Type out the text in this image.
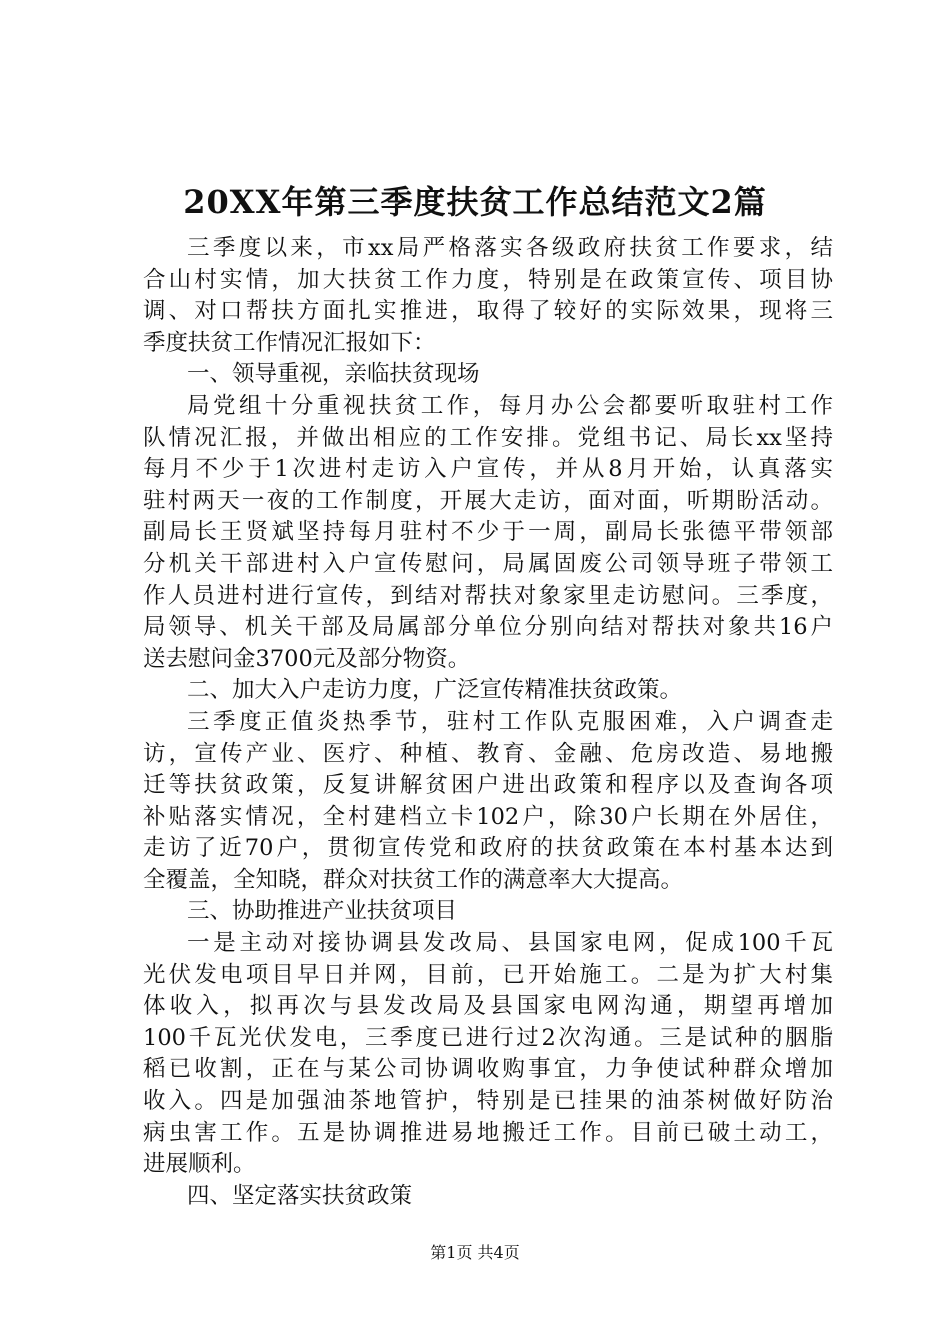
20XX年第三季度扶贫工作总结范文2篇
三季度以来，市xx局严格落实各级政府扶贫工作要求，结
合山村实情，加大扶贫工作力度，特别是在政策宣传、项目协
调、对口帮扶方面扎实推进，取得了较好的实际效果，现将三
季度扶贫工作情况汇报如下：
一、领导重视，亲临扶贫现场
局党组十分重视扶贫工作，每月办公会都要听取驻村工作
队情况汇报，并做出相应的工作安排。党组书记、局长xx坚持
每月不少于1次进村走访入户宣传，并从8月开始，认真落实
驻村两天一夜的工作制度，开展大走访，面对面，听期盼活动。
副局长王贤斌坚持每月驻村不少于一周，副局长张德平带领部
分机关干部进村入户宣传慰问，局属固废公司领导班子带领工
作人员进村进行宣传，到结对帮扶对象家里走访慰问。三季度，
局领导、机关干部及局属部分单位分别向结对帮扶对象共16户
送去慰问金3700元及部分物资。
二、加大入户走访力度，广泛宣传精准扶贫政策。
三季度正值炎热季节，驻村工作队克服困难，入户调查走
访，宣传产业、医疗、种植、教育、金融、危房改造、易地搬
迁等扶贫政策，反复讲解贫困户进出政策和程序以及查询各项
补贴落实情况，全村建档立卡102户，除30户长期在外居住，
走访了近70户，贯彻宣传党和政府的扶贫政策在本村基本达到
全覆盖，全知晓，群众对扶贫工作的满意率大大提高。
三、协助推进产业扶贫项目
一是主动对接协调县发改局、县国家电网，促成100千瓦
光伏发电项目早日并网，目前，已开始施工。二是为扩大村集
体收入，拟再次与县发改局及县国家电网沟通，期望再增加
100千瓦光伏发电，三季度已进行过2次沟通。三是试种的胭脂
稻已收割，正在与某公司协调收购事宜，力争使试种群众增加
收入。四是加强油茶地管护，特别是已挂果的油茶树做好防治
病虫害工作。五是协调推进易地搬迁工作。目前已破土动工，
进展顺利。
四、坚定落实扶贫政策
第1页 共4页
